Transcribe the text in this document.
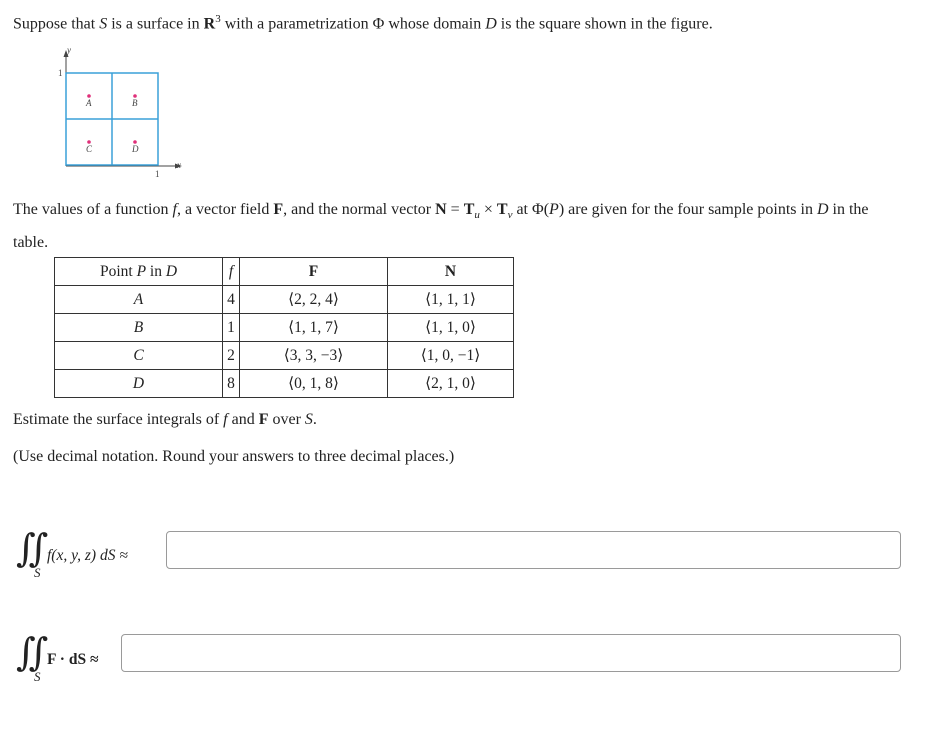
Suppose that S is a surface in $R^3$ with a parametrization Φ whose domain D is the square shown in the figure.
y
x
1
1
A	B
C	D
The values of a function f, a vector field F, and the normal vector $N = T_u \times T_v$ at Φ(P) are given for the four sample points in D in the table.
Point P in D	f	F	N
A	4	⟨2, 2, 4⟩	⟨1, 1, 1⟩
B	1	⟨1, 1, 7⟩	⟨1, 1, 0⟩
C	2	⟨3, 3, −3⟩	⟨1, 0, −1⟩
D	8	⟨0, 1, 8⟩	⟨2, 1, 0⟩
Estimate the surface integrals of f and F over S.
(Use decimal notation. Round your answers to three decimal places.)
∬
S
f(x, y, z) dS ≈
∬
S
F · dS ≈
